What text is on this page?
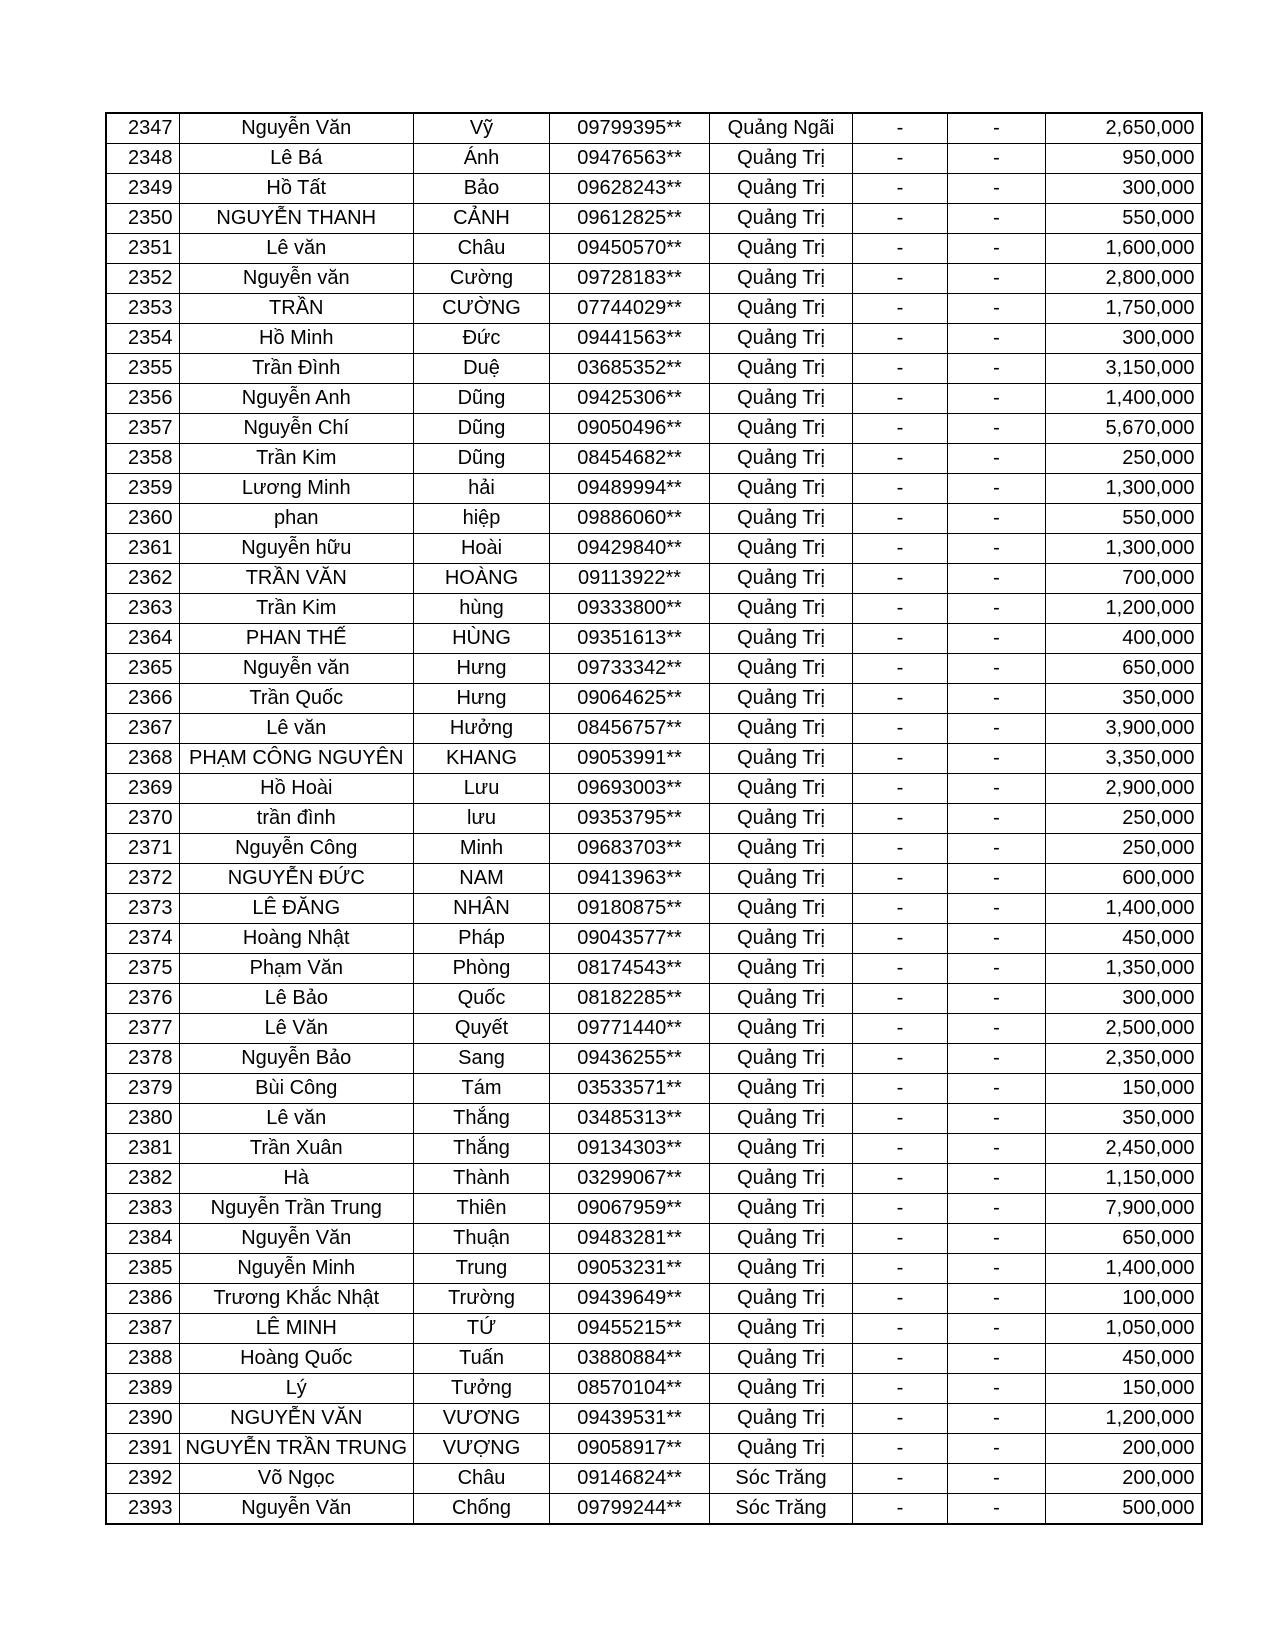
2347	Nguyễn Văn	Vỹ	09799395**	Quảng Ngãi	-	-	2,650,000
2348	Lê Bá	Ánh	09476563**	Quảng Trị	-	-	950,000
2349	Hồ Tất	Bảo	09628243**	Quảng Trị	-	-	300,000
2350	NGUYỄN THANH	CẢNH	09612825**	Quảng Trị	-	-	550,000
2351	Lê văn	Châu	09450570**	Quảng Trị	-	-	1,600,000
2352	Nguyễn văn	Cường	09728183**	Quảng Trị	-	-	2,800,000
2353	TRẦN	CƯỜNG	07744029**	Quảng Trị	-	-	1,750,000
2354	Hồ Minh	Đức	09441563**	Quảng Trị	-	-	300,000
2355	Trần Đình	Duệ	03685352**	Quảng Trị	-	-	3,150,000
2356	Nguyễn Anh	Dũng	09425306**	Quảng Trị	-	-	1,400,000
2357	Nguyễn Chí	Dũng	09050496**	Quảng Trị	-	-	5,670,000
2358	Trần Kim	Dũng	08454682**	Quảng Trị	-	-	250,000
2359	Lương Minh	hải	09489994**	Quảng Trị	-	-	1,300,000
2360	phan	hiệp	09886060**	Quảng Trị	-	-	550,000
2361	Nguyễn hữu	Hoài	09429840**	Quảng Trị	-	-	1,300,000
2362	TRẦN VĂN	HOÀNG	09113922**	Quảng Trị	-	-	700,000
2363	Trần Kim	hùng	09333800**	Quảng Trị	-	-	1,200,000
2364	PHAN THẾ	HÙNG	09351613**	Quảng Trị	-	-	400,000
2365	Nguyễn văn	Hưng	09733342**	Quảng Trị	-	-	650,000
2366	Trần Quốc	Hưng	09064625**	Quảng Trị	-	-	350,000
2367	Lê văn	Hưởng	08456757**	Quảng Trị	-	-	3,900,000
2368	PHẠM CÔNG NGUYÊN	KHANG	09053991**	Quảng Trị	-	-	3,350,000
2369	Hồ Hoài	Lưu	09693003**	Quảng Trị	-	-	2,900,000
2370	trần đình	lưu	09353795**	Quảng Trị	-	-	250,000
2371	Nguyễn Công	Minh	09683703**	Quảng Trị	-	-	250,000
2372	NGUYỄN ĐỨC	NAM	09413963**	Quảng Trị	-	-	600,000
2373	LÊ ĐĂNG	NHÂN	09180875**	Quảng Trị	-	-	1,400,000
2374	Hoàng Nhật	Pháp	09043577**	Quảng Trị	-	-	450,000
2375	Phạm Văn	Phòng	08174543**	Quảng Trị	-	-	1,350,000
2376	Lê Bảo	Quốc	08182285**	Quảng Trị	-	-	300,000
2377	Lê Văn	Quyết	09771440**	Quảng Trị	-	-	2,500,000
2378	Nguyễn Bảo	Sang	09436255**	Quảng Trị	-	-	2,350,000
2379	Bùi Công	Tám	03533571**	Quảng Trị	-	-	150,000
2380	Lê văn	Thắng	03485313**	Quảng Trị	-	-	350,000
2381	Trần Xuân	Thắng	09134303**	Quảng Trị	-	-	2,450,000
2382	Hà	Thành	03299067**	Quảng Trị	-	-	1,150,000
2383	Nguyễn Trần Trung	Thiên	09067959**	Quảng Trị	-	-	7,900,000
2384	Nguyễn Văn	Thuận	09483281**	Quảng Trị	-	-	650,000
2385	Nguyễn Minh	Trung	09053231**	Quảng Trị	-	-	1,400,000
2386	Trương Khắc Nhật	Trường	09439649**	Quảng Trị	-	-	100,000
2387	LÊ MINH	TỨ	09455215**	Quảng Trị	-	-	1,050,000
2388	Hoàng Quốc	Tuấn	03880884**	Quảng Trị	-	-	450,000
2389	Lý	Tưởng	08570104**	Quảng Trị	-	-	150,000
2390	NGUYỄN VĂN	VƯƠNG	09439531**	Quảng Trị	-	-	1,200,000
2391	NGUYỄN TRẦN TRUNG	VƯỢNG	09058917**	Quảng Trị	-	-	200,000
2392	Võ Ngọc	Châu	09146824**	Sóc Trăng	-	-	200,000
2393	Nguyễn Văn	Chống	09799244**	Sóc Trăng	-	-	500,000
